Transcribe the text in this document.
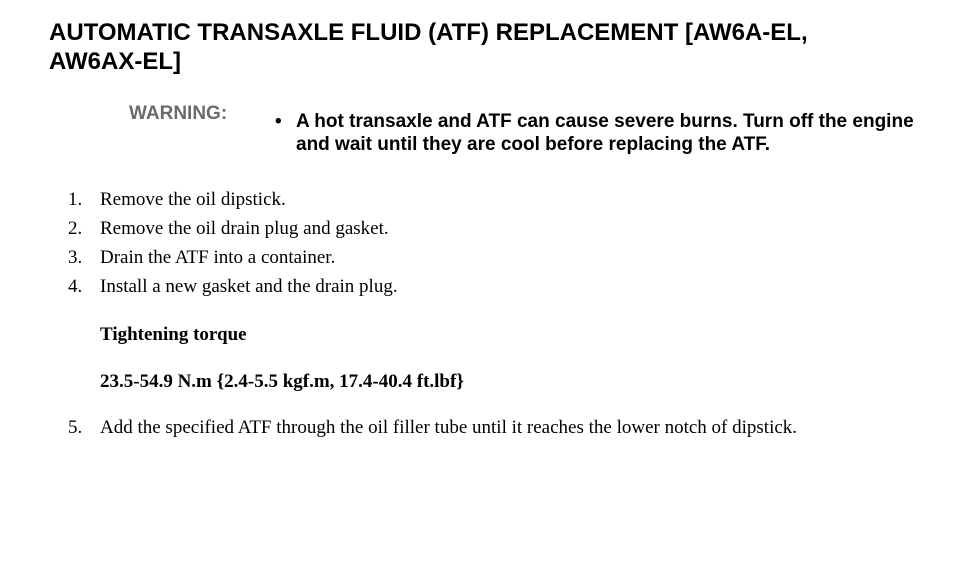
AUTOMATIC TRANSAXLE FLUID (ATF) REPLACEMENT [AW6A-EL,
AW6AX-EL]
WARNING:	• A hot transaxle and ATF can cause severe burns. Turn off the engine
and wait until they are cool before replacing the ATF.
1. Remove the oil dipstick.
2. Remove the oil drain plug and gasket.
3. Drain the ATF into a container.
4. Install a new gasket and the drain plug.
Tightening torque
23.5-54.9 N.m {2.4-5.5 kgf.m, 17.4-40.4 ft.lbf}
5. Add the specified ATF through the oil filler tube until it reaches the lower notch of dipstick.
